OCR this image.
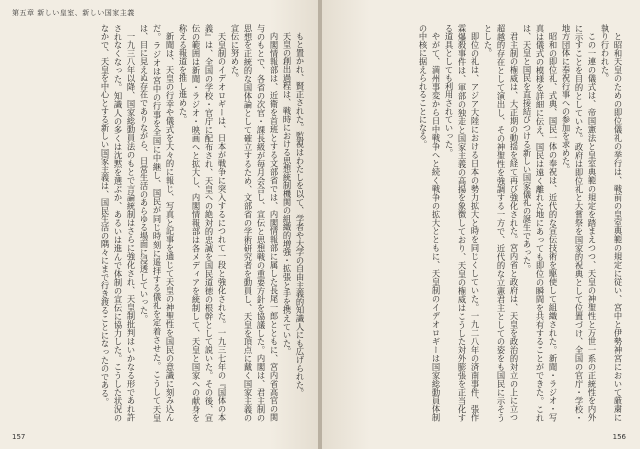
第五章 新しい皇室、新しい国家主義

もと置かれ、賢正された。監視はわたしを以て、学者や大学の自由主義的知識人にも広げられた。

天皇の創出過程は、戦時における思想統制機関の組織的増強・拡張と手を携えていた。

内閣情報部は、近衛を首班とする文部省では、内閣情報部に属した長尾一郎とともに、宮内省高官の関与のもとで、各省の次官・課長級が毎月会合し、宣伝と思想戦の重要方針を協議した。内閣は、君主制の思想を正統的な国体論として確立するため、文部省の学術研究者を動員し、天皇を頂点に戴く国家主義の宣伝に努めた。

天皇制のイデオロギーは、日本が戦争に突入するにつれて一段と強化された。一九三七年の『国体の本義』は、全国の学校・官庁に配布され、天皇への絶対的忠誠を国民道徳の根幹として説いた。その後、宣伝の範囲は新聞・ラジオ・映画へと拡大し、内閣情報部は各メディアを統制して、天皇と国家への献身を称える報道を推し進めた。

新聞は、天皇の行幸や儀式を大々的に報じ、写真と記事を通じて天皇の神聖性を国民の意識に刻み込んだ。ラジオは宮中の行事を全国に中継し、国民が同じ時刻に遥拝する儀礼を定着させた。こうして天皇は、目に見えぬ存在でありながら、日常生活のあらゆる場面に浸透していった。

一九三八年以降、国家総動員法のもとで言論統制はさらに強化され、天皇制批判はいかなる形であれ許されなくなった。知識人の多くは沈黙を選ぶか、あるいは進んで体制の宣伝に協力した。こうした状況のなかで、天皇を中心とする新しい国家主義は、国民生活の隅々にまで行き渡ることになったのである。

157

と昭和天皇のための即位儀礼の挙行は、戦前の皇室典範の規定に従い、宮中と伊勢神宮において厳粛に執り行われた。

この一連の儀式は、帝国憲法と皇室典範の規定を踏まえつつ、天皇の神聖性と万世一系の正統性を内外に示すことを目的としていた。政府は即位礼と大嘗祭を国家的祝典として位置づけ、全国の官庁・学校・地方団体に奉祝行事への参加を求めた。

昭和の即位礼、式典、国民一体の奉祝は、近代的な宣伝技術を駆使して組織された。新聞・ラジオ・写真は儀式の模様を詳細に伝え、国民は遠く離れた地にあっても即位の瞬間を共有することができた。これは、天皇と国民を直接結びつける新しい国家儀礼の誕生であった。

君主制の権威は、大正期の動揺を経て再び強化された。宮内省と政府は、天皇を政治的対立の上に立つ超越的存在として演出し、その神聖性を強調する一方で、近代的な立憲君主としての姿をも国民に示そうとした。

即位の礼は、アジア大陸における日本の勢力拡大と時を同じくしていた。一九二八年の済南事件、張作霖爆殺事件は、軍部の独走と国家主義の高揚を象徴しており、天皇の権威はこうした対外膨張を正当化する道具としても利用されていった。

やがて、満州事変から日中戦争へと続く戦争の拡大とともに、天皇制のイデオロギーは国家総動員体制の中核に据えられることになる。

156
